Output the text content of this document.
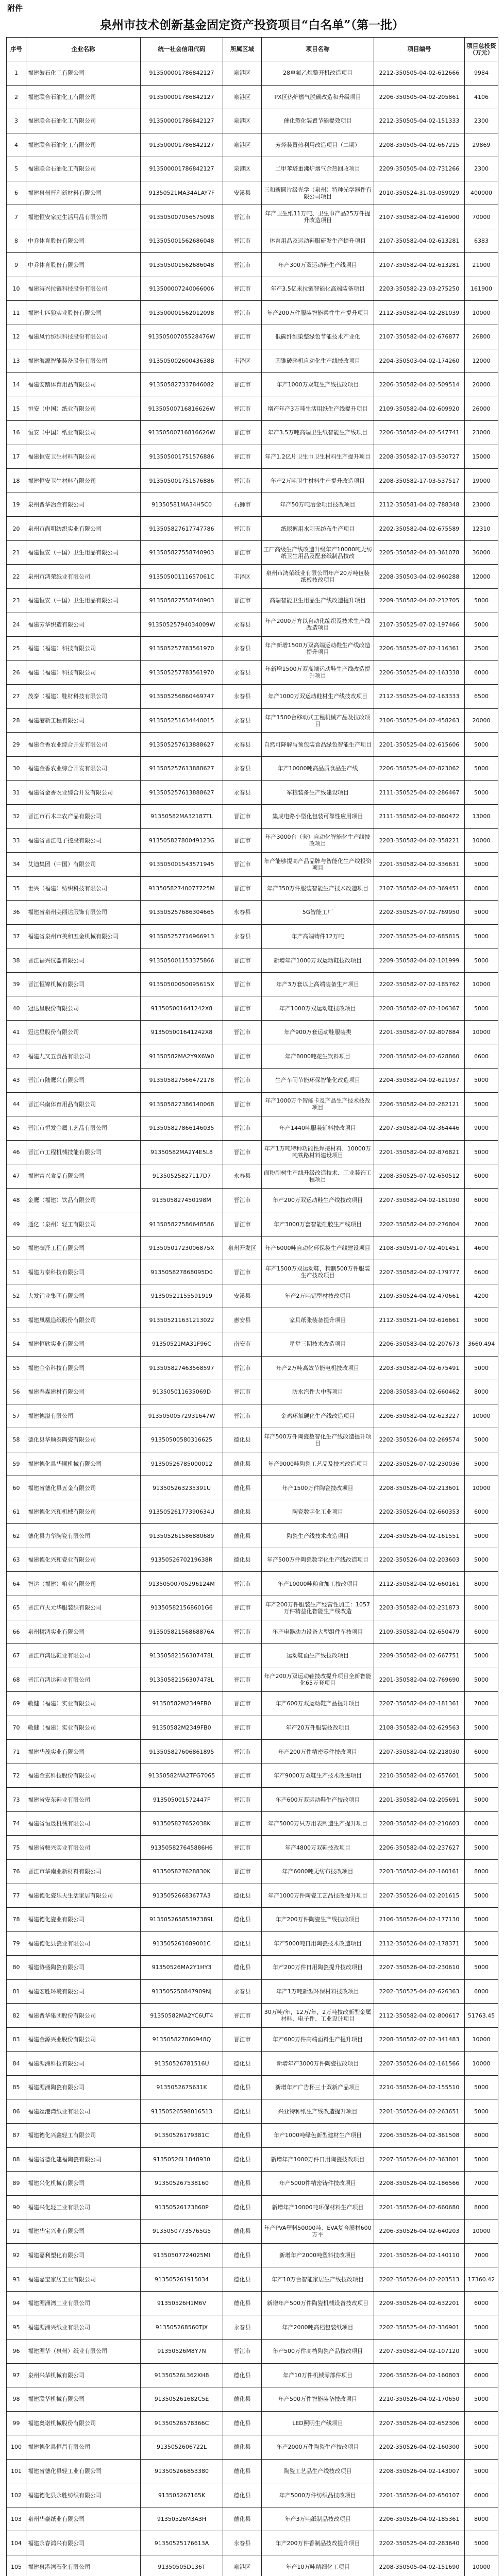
附件
泉州市技术创新基金固定资产投资项目“白名单”（第一批）
序号	企业名称	统一社会信用代码	所属区域	项目名称	项目编号	项目总投资（万元）
1	福建鼓石化工有限公司	913500001786842127	泉港区	28单氟乙烷整开机改造项目	2212-350505-04-02-612666	9984
2	福建联合石油化工有限公司	913500001786842127	泉港区	PX区热炉燃气脱碳改造和升级项目	2206-350505-04-02-205861	4106
3	福建联合石油化工有限公司	913500001786842127	泉港区	催化裂化装置节能提效项目	2212-350505-04-02-151333	2300
4	福建联合石油化工有限公司	913500001786842127	泉港区	芳烃装置热利用改造项目（二期）	2208-350505-04-02-667215	29869
5	福建联合石油化工有限公司	913500001786842127	泉港区	二甲苯塔重沸炉烟气余热回收项目	2209-350505-04-02-731266	2300
6	福建泉州晋利新材料有限公司	91350521MA34ALAY7F	安溪县	三和新圆片级光学（泉州）特种光学器件有限公司项目	2010-350524-31-03-059029	400000
7	福建恒安家庭生活用品有限公司	913505007056575098	晋江市	年产卫生纸11万吨、卫生巾产品25万件提升改造项目	2107-350582-04-02-416900	70000
8	中乔体育股份有限公司	913505001562686048	晋江市	体育用品及运动鞋服研发生产提升项目	2107-350582-04-02-613281	6383
9	中乔体育股份有限公司	913505001562686048	晋江市	年产300万双运动鞋生产线项目	2107-350582-04-02-613281	21000
10	福建浔兴拉链科技股份有限公司	913500007240066006	晋江市	年产3.5亿米拉链智能化高端装备项目	2203-350582-23-03-275250	161900
11	福建七匹狼实业股份有限公司	913500001562012098	晋江市	年产200万件服装智能柔性生产提升项目	2112-350582-04-02-281039	10000
12	福建凤竹纺织科技股份有限公司	91350500705528476W	晋江市	低碳纤维染整绿色节能技术产业化	2107-350582-04-02-676877	26800
13	福建海源智能装备股份有限公司	91350500260043638B	丰泽区	圆锥破碎机自动化生产线技改项目	2204-350503-04-02-174260	12000
14	福建安踏体育用品有限公司	913505827337846082	晋江市	年产1000万双鞋生产线技改项目	2206-350582-04-02-509514	20000
15	恒安（中国）纸业有限公司	91350500716816626W	晋江市	增产年产3万吨生活用纸生产线提升项目	2109-350582-04-02-609920	26000
16	恒安（中国）纸业有限公司	91350500716816626W	晋江市	年产3.5万吨高端卫生纸智能生产线项目	2206-350582-04-02-547741	23000
17	福建恒安卫生材料有限公司	913505001751576886	晋江市	年产1.2亿片卫生巾卫生材料生产提升项目	2208-350582-17-03-530727	15000
18	福建恒安卫生材料有限公司	913505001751576886	晋江市	年产2万吨卫生材料生产提升改造项目	2208-350582-17-03-537517	19000
19	泉州晋华冶金有限公司	91350581MA34H5C0	石狮市	年产50万吨冶金项目技改项目	2112-350581-04-02-788348	23000
20	泉州市尚明纺织实业有限公司	913505827617747786	晋江市	纸尿裤用水刺无纺布生产项目	2202-350582-04-02-675589	12310
21	福建恒安（中国）卫生用品有限公司	913505827558740903	晋江市	工厂高级生产线改造升级年产10000吨无纺纸卫生用品及配套纸制品技改	2205-350582-04-03-361078	36000
22	泉州市鸿荣纸业有限公司	91350500111657061C	丰泽区	泉州市鸿荣纸业有限公司年产20万吨包装纸板技改项目	2208-350503-04-02-960288	12000
23	福建恒安（中国）卫生用品有限公司	913505827558740903	晋江市	高端智能卫生用品生产线改造提升项目	2209-350582-04-02-212705	5000
24	福建芳华织造有限公司	91350525794034009W	永春县	年产2000万方以自动化编织及技术生产线改造项目	2107-350525-07-02-197466	5000
25	福建（福建）科技有限公司	913505257783561970	永春县	年产新增1500万双高端运动鞋生产线改造提升项目	2206-350525-07-02-116361	2500
26	福建（福建）科技有限公司	913505257783561970	永春县	年新增1500万双高端运动鞋生产线改造提升项目	2206-350525-04-02-163338	6000
27	茂泰（福建）鞋材科技有限公司	913505256860469747	永春县	年产1000万双运动鞋材生产线技改项目	2112-350525-04-02-163333	6500
28	福建港新工程有限公司	913505251634440015	永春县	年产1500台移动式工程机械产品及技改项目	2106-350525-04-02-458263	20000
29	福建金香农业综合开发有限公司	913505257613888627	永春县	自然可降解与预包装食品绿色智能生产项目	2201-350525-04-02-615606	5000
30	福建金香农业综合开发有限公司	913505257613888627	永春县	年产10000吨高品质食品生产线	2206-350525-04-02-823062	5000
31	福建省金香农业综合开发有限公司	913505257613888627	永春县	军粮装备生产线建设项目	2111-350525-04-02-286467	5000
32	晋江市石木丰农产品有限公司	91350582MA32187TL	晋江市	集成电路小型化包装可靠性应用项目	2111-350582-04-02-860472	13000
33	福建省晋江电子控股有限公司	91350582780049123G	晋江市	年产3000台（套）自动化智能化生产线技改项目	2203-350582-04-02-358221	10000
34	艾迪集团（中国）有限公司	913505001543571945	晋江市	年产能够提高产品品牌与智能化生产线投资项目	2201-350582-04-02-336631	5000
35	世兴（福建）纺织科技有限公司	91350582740077725M	晋江市	年产350万件服装智能生产技术改造项目	2107-350582-04-02-369451	6800
36	福建省泉州美丽达服饰有限公司	913505257686304665	永春县	5G智能工厂	2202-350525-07-02-769950	5000
37	福建省泉州市美和五金机械有限公司	913505257716966913	永春县	年产高端铸件12万吨	2207-350525-04-02-685815	5000
38	晋江福兴仪器有限公司	913505001153375866	晋江市	新增年产1000万双运动鞋技改项目	2209-350582-04-02-101999	5000
39	晋江恒锦机械有限公司	91350500050095615X	晋江市	年产3万套以上高端装备生产项目	2202-350582-07-02-185762	10000
40	冠达星股份有限公司	913505001641242X8	晋江市	年产1000万双运动鞋技改项目	2208-350582-07-02-106367	5000
41	冠达星股份有限公司	913505001641242X8	晋江市	年产900万套运动鞋服装类	2201-350582-07-02-807884	10000
42	福建九又五食品有限公司	91350582MA2Y9X6W0	晋江市	年产8000吨花生饮料项目	2208-350582-04-02-628860	6600
43	晋江市陆鹰兴有限公司	913505827566472178	晋江市	生产车间节能环保智能化改造项目	2204-350582-04-02-621937	5000
44	晋江兴南体育用品有限公司	913505827386140068	晋江市	年产1000万个智能卡及产品生产技术技改项目	2206-350582-04-02-282121	5000
45	晋江市恒发金属工艺品有限公司	913505827866146035	晋江市	年产1440吨服装辅料技改项目	2207-350582-04-02-364446	9000
46	晋江市工程机械技能有限公司	91350582MA2Y4E5L8	晋江市	年产1万吨特种功能性焊接材料、10000万吨铁路材料建设项目	2201-350582-04-02-876821	5000
47	福建富兴食品有限公司	91350525827117D7	永春县	面粉副树生产线升级改造技术、工业装饰工程项目	2208-350525-07-02-650512	6000
48	金鹰（福建）饮品有限公司	913505827450198M	晋江市	年产200万双运动鞋生产线技改项目	2207-350582-04-02-181030	6000
49	通亿（泉州）轻工有限公司	913505827586648586	晋江市	年产3000万套智能硅胶生产线项目	2202-350582-04-02-276804	7000
50	福建碳泽工程有限公司	91350501723006875X	泉州开发区	年产6000吨自动化环保袋生产线建设项目	2108-350591-07-02-401451	4600
51	福建力泰科技有限公司	913505827868095D0	晋江市	年产1500万双运动鞋，精制500万件服装生产技改项目	2207-350582-04-02-179777	6600
52	大发铝业集团有限公司	91350521155591919	安溪县	年产2万吨铝型材技改项目	2109-350524-04-02-470661	4200
53	福建凤凰造纸股份有限公司	913505211631213022	惠安县	家具纸张装备提升项目	2112-350521-04-02-616661	5000
54	福建恒欣实业有限公司	91350521MA31F96C	南安市	星堂三期技术改造项目	2206-350583-04-02-207673	3660,494
55	福建金帝科技有限公司	913505827463568597	晋江市	年产2万吨高效节能电机技改项目	2203-350582-04-02-675491	5000
56	福建春森建材有限公司	913505011635069D	晋江市	防水汽件大中游项目	2208-350583-04-02-660462	8000
57	福建德溢有限公司	91350500572931647W	晋江市	金鸡环氧硬化生产线改造项目	2206-350582-04-02-623227	10000
58	德化县华顺泰陶瓷有限公司	91350500580316625	德化县	年产500万件陶瓷数智化生产线改造提升项目	2202-350526-04-02-269574	5000
59	福建德化县华顺机械有限公司	91350526785000012	德化县	年产9000吨陶瓷工艺品及技术改造项目	2202-350526-07-02-230036	5000
60	福建省德化县五金有限公司	913505263235391U	德化县	年产1500万件陶瓷技改项目	2208-350526-04-02-213601	10000
61	福建德化兴和机械有限公司	91350526177390634U	德化县	陶瓷数字化工业项目	2202-350526-04-02-660353	6000
62	德化县力华陶瓷有限公司	913505261586880689	德化县	陶瓷生产线技术改造项目	2204-350526-04-02-161551	5000
63	福建德化兴和瓷业有限公司	9135052670219638R	德化县	年产500万件陶瓷数字化生产线改造项目	2202-350526-04-02-203603	5000
64	智达（福建）粮业有限公司	91350500705296124M	晋江市	年产10000吨粮食加工技改项目	2112-350582-04-02-660161	8000
65	晋江市天元华服装织有限公司	913505821568601G6	晋江市	年产200万件服装生产经营性加工：1057万件精益化智能生产线改造	2203-350582-04-02-231873	8000
66	泉州树鸿实业有限公司	91350582156868876A	晋江市	年产电器动力设备大型组件车技项目	2109-350582-04-02-650479	6000
67	晋江市鸿达鞋业有限公司	91350582156307478L	晋江市	运动鞋面生产线技改项目	2209-350582-04-02-667751	5000
68	晋江市鸿达鞋业有限公司	91350582156307478L	晋江市	年产200万双运动鞋技改提升项目全新智能化65万套项目	2201-350582-04-02-769690	5000
69	敬健（福建）实业有限公司	91350582M2349FB0	晋江市	年产600万双运动鞋产品提升项目	2207-350582-04-02-181361	7000
70	敬健（福建）实业有限公司	91350582M2349FB0	晋江市	年产20万件服装技改项目	2108-350582-04-02-629563	5000
71	福建华茂实业有限公司	913505827606861895	晋江市	年产200万件精密零件技改项目	2207-350582-04-02-218030	6000
72	福建金玄科技股份有限公司	91350582MA2TFG7065	晋江市	年产9000万双鞋生产技术改进项目	2210-350582-04-02-657601	5000
73	福建省安东鞋业有限公司	913505001572447F	晋江市	年产600万双运动鞋生产技改项目	2201-350582-04-02-205691	5000
74	福建省恒晟机械有限公司	913505827652038K	晋江市	年产5000万只万用表制造生产提升项目	2208-350582-04-02-210603	6000
75	福建省骏兴实业有限公司	913505827645886H6	晋江市	年产4800万双鞋技改项目	2206-350582-04-02-237627	5000
76	晋江市华南业新材料有限公司	913505827628830K	晋江市	年产6000吨无纺布技改项目	2203-350582-04-02-160161	8000
77	福建德化瓷乐天生活家居有限公司	91350526683677A3	德化县	年产1000万件陶瓷工艺品技改提升项目	2207-350526-04-02-201615	5000
78	福建德化瓷业有限公司	91350526585397389L	德化县	年产200万件陶瓷生产线技改项目	2106-350526-04-02-177130	5000
79	福建德化县瓷业有限公司	913505261689001C	德化县	年产5000吨日用陶瓷技术改造项目	2112-350526-04-02-178371	5000
80	福建协盛陶瓷有限公司	91350526MA2Y1HY3	德化县	年产200万件日用陶瓷提升技改项目	2207-350526-04-02-230610	5000
81	福建宏胜环境有限公司	913505250847909NJ	永春县	年产1万吨新型环保材料技改项目	2202-350525-04-02-626363	6000
82	福建晋华集团股份有限公司	91350582MA2YC6UT4	晋江市	30万吨/年，12万/年，2万吨技改新型金属材料、电子件、工业设计项目	2112-350582-04-02-800617	51763.45
83	福建金源兴业股份有限公司	913505827860948Q	晋江市	年产600万件高端面料生产提升项目	2208-350582-07-02-341483	10000
84	福建湄洲科技有限公司	91350526781516U	德化县	新增年产3000万件陶瓷技改项目	2207-350526-04-02-161566	10000
85	福建湄洲陶瓷有限公司	9135052675631K	德化县	新增年产广告杯三十双新产品项目	2210-350526-04-02-155510	5000
86	福建丝港湾纸业有限公司	91350526598016513	德化县	兴业特种纸生产线改造提升项目	2201-350526-04-02-263651	5000
87	福建德化兴鑫轻工有限公司	91350526179381C	德化县	年产1000吨绿色新型建材生产项目	2206-350526-04-02-361508	8000
88	福建省德化建福陶瓷有限公司	91350526L1848930	德化县	新增年产1000万件日用陶瓷技改项目	2207-350526-04-02-363801	5000
89	福建兴化机械有限公司	913505267538160	德化县	年产5000件精密铸件技改项目	2208-350526-04-02-186566	7000
90	福建兴化轻工业有限公司	91350526173860P	德化县	新增年产10000吨环保材料生产项目	2201-350526-04-02-660680	8000
91	福建华宝兴业有限公司	91350507735765G5	德化县	年产PVA塑料50000吨、EVA复合膜材600万平	2206-350526-04-02-640203	10000
92	福建嘉利塑化有限公司	91350507724025MI	德化县	新增年产2000吨塑料技改项目	2201-350526-04-02-140110	7000
93	福建嘉宝家居工业有限公司	913505261915034	德化县	年产10万台智能家居生产线技改项目	2202-350526-04-02-203513	17360.42
94	福建湄洲湾工业有限公司	91350526H1M6V	德化县	新增年产500万件陶瓷机械设备技改项目	2209-350526-04-02-632201	6000
95	福建湄洲兴纸业有限公司	913505268560TJX	永春县	年产2000吨高档包装纸项目	2202-350525-04-02-336901	5000
96	福建湄华（泉州）纸业有限公司	91350526M8Y7N	晋江市	年产500万件高档陶瓷产品技改项目	2207-350582-04-02-107120	5000
97	泉州兴华机械有限公司	91350526L362XH8	德化县	年产10万件机械零部件项目	2206-350526-04-02-160803	6000
98	福建联华机械有限公司	913505261682C5E	德化县	年产500万件智能装备技改项目	2210-350526-04-02-170650	5000
99	福建奥诺机械股份有限公司	91350526578366C	德化县	LED照明生产线项目	2207-350526-04-02-652306	6000
100	福建德化县恒昌有限公司	9135052606722L	德化县	年产2000万件陶瓷生产技改项目	2202-350526-04-02-160300	5000
101	福建省德化县轻工业有限公司	913505266853380	德化县	陶瓷工艺品生产线技改项目	2208-350526-04-02-143007	5000
102	福建德化县永胜纺织有限公司	913505267165K	德化县	年产5000万件纺织品技改项目	2201-350526-04-02-650107	6000
103	泉州华豪纸业有限公司	91350526M3A3H	德化县	年产3万吨纸制品技改项目	2206-350526-04-02-185361	8000
104	福建永春鸿兴有限公司	91350525176613A	永春县	年产200万件香制品技改提升项目	2202-350525-04-02-283640	5000
105	福建泉港湾石化有限公司	91350505D136T	泉港区	年产10万吨精细化工项目	2208-350505-04-02-151690	10000
